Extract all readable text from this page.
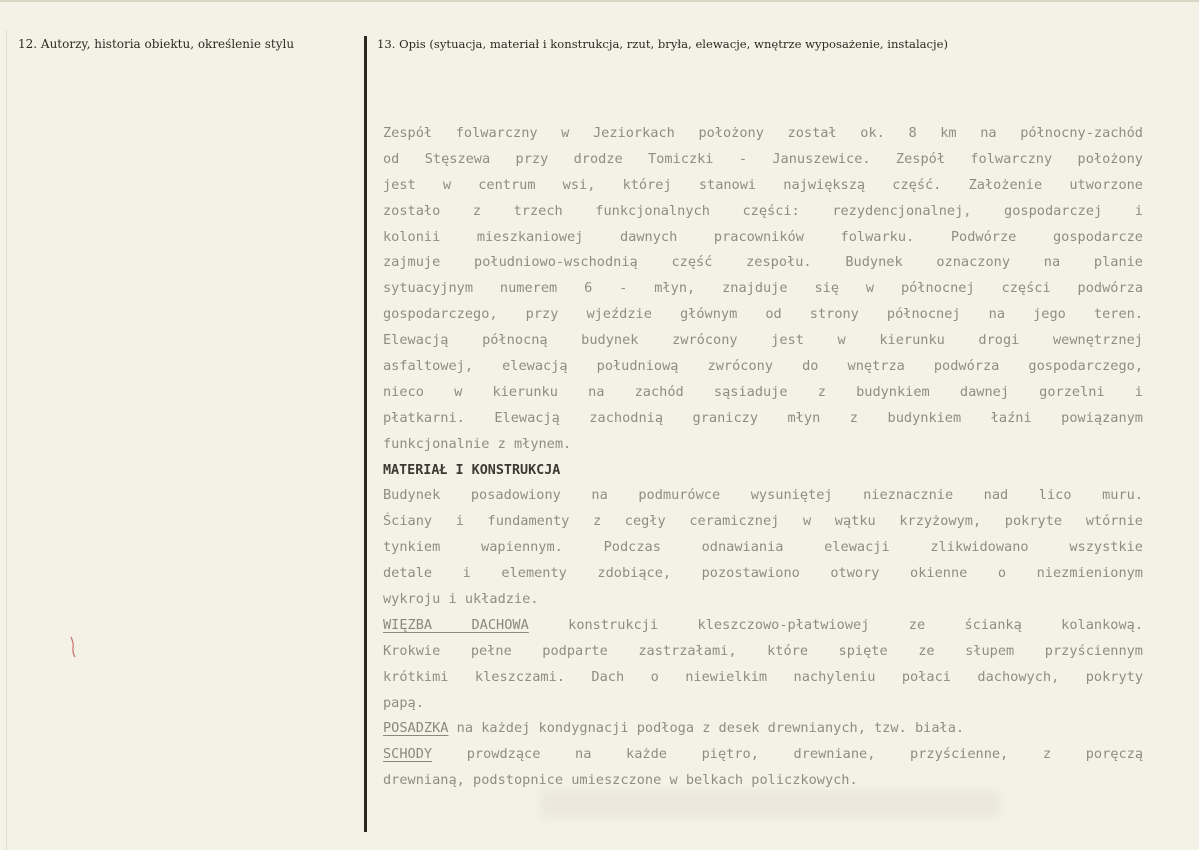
12. Autorzy, historia obiektu, określenie stylu	13. Opis (sytuacja, materiał i konstrukcja, rzut, bryła, elewacje, wnętrze wyposażenie, instalacje)
Zespół folwarczny w Jeziorkach położony został ok. 8 km na północny-zachód
od Stęszewa przy drodze Tomiczki - Januszewice. Zespół folwarczny położony
jest w centrum wsi, której stanowi największą część. Założenie utworzone
zostało z trzech funkcjonalnych części: rezydencjonalnej, gospodarczej i
kolonii mieszkaniowej dawnych pracowników folwarku. Podwórze gospodarcze
zajmuje południowo-wschodnią część zespołu. Budynek oznaczony na planie
sytuacyjnym numerem 6 - młyn, znajduje się w północnej części podwórza
gospodarczego, przy wjeździe głównym od strony północnej na jego teren.
Elewacją północną budynek zwrócony jest w kierunku drogi wewnętrznej
asfaltowej, elewacją południową zwrócony do wnętrza podwórza gospodarczego,
nieco w kierunku na zachód sąsiaduje z budynkiem dawnej gorzelni i
płatkarni. Elewacją zachodnią graniczy młyn z budynkiem łaźni powiązanym
funkcjonalnie z młynem.
MATERIAŁ I KONSTRUKCJA
Budynek posadowiony na podmurówce wysuniętej nieznacznie nad lico muru.
Ściany i fundamenty z cegły ceramicznej w wątku krzyżowym, pokryte wtórnie
tynkiem wapiennym. Podczas odnawiania elewacji zlikwidowano wszystkie
detale i elementy zdobiące, pozostawiono otwory okienne o niezmienionym
wykroju i układzie.
WIĘZBA DACHOWA konstrukcji kleszczowo-płatwiowej ze ścianką kolankową.
Krokwie pełne podparte zastrzałami, które spięte ze słupem przyściennym
krótkimi kleszczami. Dach o niewielkim nachyleniu połaci dachowych, pokryty
papą.
POSADZKA na każdej kondygnacji podłoga z desek drewnianych, tzw. biała.
SCHODY prowdzące na każde piętro, drewniane, przyścienne, z poręczą
drewnianą, podstopnice umieszczone w belkach policzkowych.
